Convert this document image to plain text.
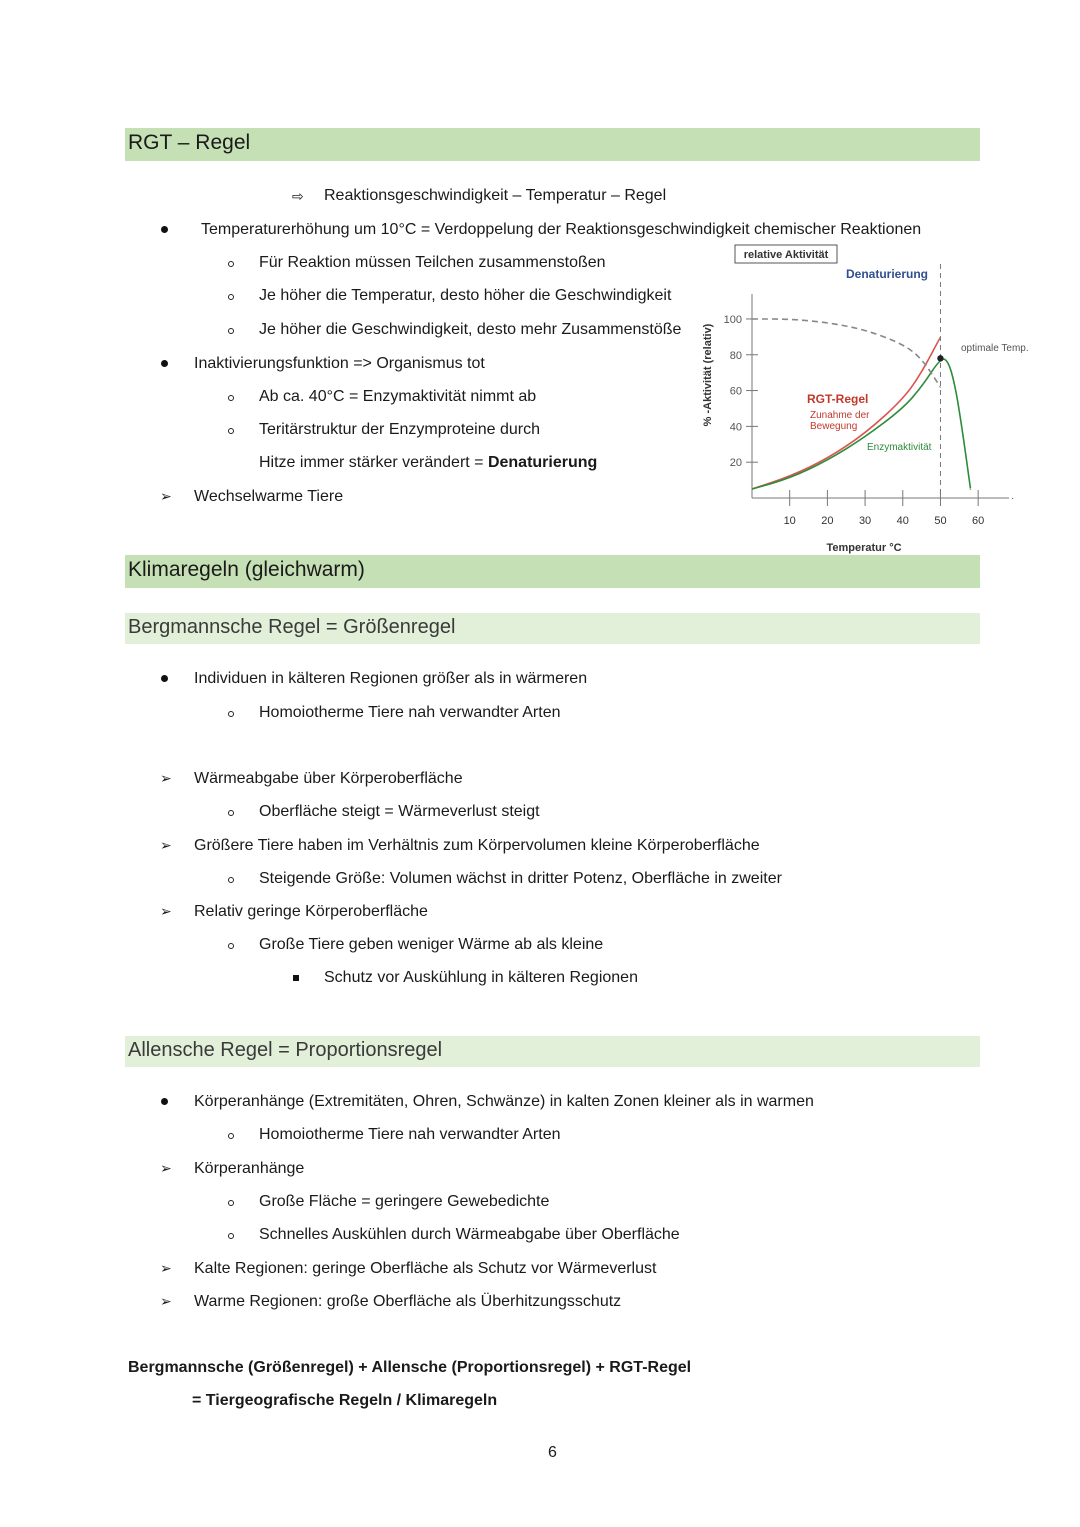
RGT – Regel
⇨ Reaktionsgeschwindigkeit – Temperatur – Regel
Temperaturerhöhung um 10°C = Verdoppelung der Reaktionsgeschwindigkeit chemischer Reaktionen
Für Reaktion müssen Teilchen zusammenstoßen
Je höher die Temperatur, desto höher die Geschwindigkeit
Je höher die Geschwindigkeit, desto mehr Zusammenstöße
Inaktivierungsfunktion => Organismus tot
Ab ca. 40°C = Enzymaktivität nimmt ab
Teritärstruktur der Enzymproteine durch
Hitze immer stärker verändert = Denaturierung
➢ Wechselwarme Tiere
relative Aktivität
·
20
40
60
80
100
10 20 30 40 50 60
Temperatur °C
% -Aktivität (relativ)
Denaturierung
optimale Temp.
RGT-Regel
Zunahme der
Bewegung
Enzymaktivität
Klimaregeln (gleichwarm)
Bergmannsche Regel = Größenregel
Individuen in kälteren Regionen größer als in wärmeren
Homoiotherme Tiere nah verwandter Arten
➢ Wärmeabgabe über Körperoberfläche
Oberfläche steigt = Wärmeverlust steigt
➢ Größere Tiere haben im Verhältnis zum Körpervolumen kleine Körperoberfläche
Steigende Größe: Volumen wächst in dritter Potenz, Oberfläche in zweiter
➢ Relativ geringe Körperoberfläche
Große Tiere geben weniger Wärme ab als kleine
Schutz vor Auskühlung in kälteren Regionen
Allensche Regel = Proportionsregel
Körperanhänge (Extremitäten, Ohren, Schwänze) in kalten Zonen kleiner als in warmen
Homoiotherme Tiere nah verwandter Arten
➢ Körperanhänge
Große Fläche = geringere Gewebedichte
Schnelles Auskühlen durch Wärmeabgabe über Oberfläche
➢ Kalte Regionen: geringe Oberfläche als Schutz vor Wärmeverlust
➢ Warme Regionen: große Oberfläche als Überhitzungsschutz
Bergmannsche (Größenregel) + Allensche (Proportionsregel) + RGT-Regel
= Tiergeografische Regeln / Klimaregeln
6
